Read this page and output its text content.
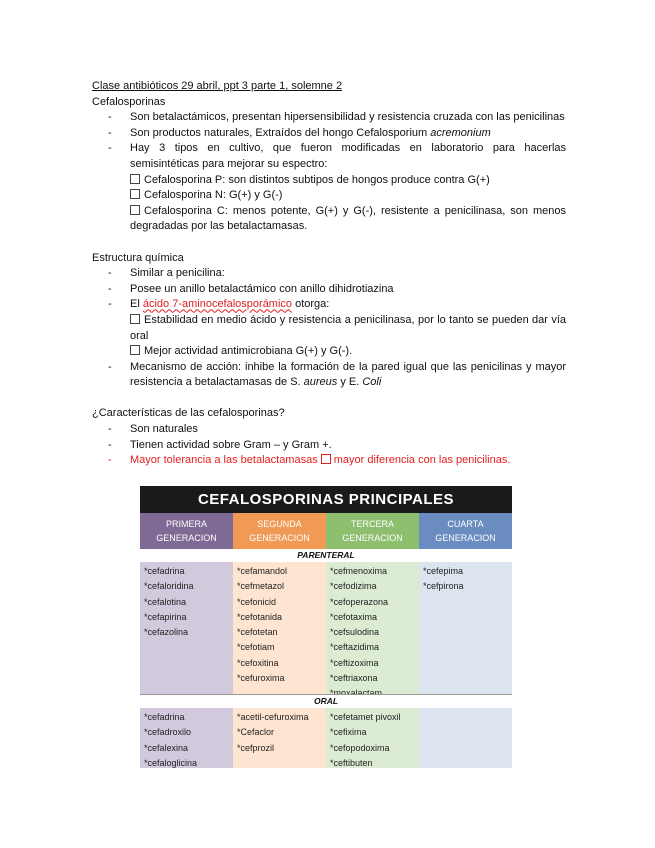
Clase antibióticos 29 abril, ppt 3 parte 1, solemne 2
Cefalosporinas
- Son betalactámicos, presentan hipersensibilidad y resistencia cruzada con las penicilinas
- Son productos naturales, Extraídos del hongo Cefalosporium acremonium
- Hay 3 tipos en cultivo, que fueron modificadas en laboratorio para hacerlas semisintéticas para mejorar su espectro:
Cefalosporina P: son distintos subtipos de hongos produce contra G(+)
Cefalosporina N: G(+) y G(-)
Cefalosporina C: menos potente, G(+) y G(-), resistente a penicilinasa, son menos degradadas por las betalactamasas.
Estructura química
- Similar a penicilina:
- Posee un anillo betalactámico con anillo dihidrotiazina
- El ácido 7-aminocefalosporámico otorga:
Estabilidad en medio ácido y resistencia a penicilinasa, por lo tanto se pueden dar vía oral
Mejor actividad antimicrobiana G(+) y G(-).
- Mecanismo de acción: inhibe la formación de la pared igual que las penicilinas y mayor resistencia a betalactamasas de S. aureus y E. Coli
¿Características de las cefalosporinas?
- Son naturales
- Tienen actividad sobre Gram – y Gram +.
- Mayor tolerancia a las betalactamasas mayor diferencia con las penicilinas.
CEFALOSPORINAS PRINCIPALES
PRIMERA
GENERACION
SEGUNDA
GENERACION
TERCERA
GENERACION
CUARTA
GENERACION
PARENTERAL
*cefadrina
*cefaloridina
*cefalotina
*cefapirina
*cefazolina
*cefamandol
*cefmetazol
*cefonicid
*cefotanida
*cefotetan
*cefotiam
*cefoxitina
*cefuroxima
*cefmenoxima
*cefodizima
*cefoperazona
*cefotaxima
*cefsulodina
*ceftazidima
*ceftizoxima
*ceftriaxona
*cefepima
*cefpirona
ORAL
*cefadrina
*cefadroxilo
*cefalexina
*cefaloglicina
*acetil-cefuroxima
*Cefaclor
*cefprozil
*cefetamet pivoxil
*cefixima
*cefopodoxima
*ceftibuten
